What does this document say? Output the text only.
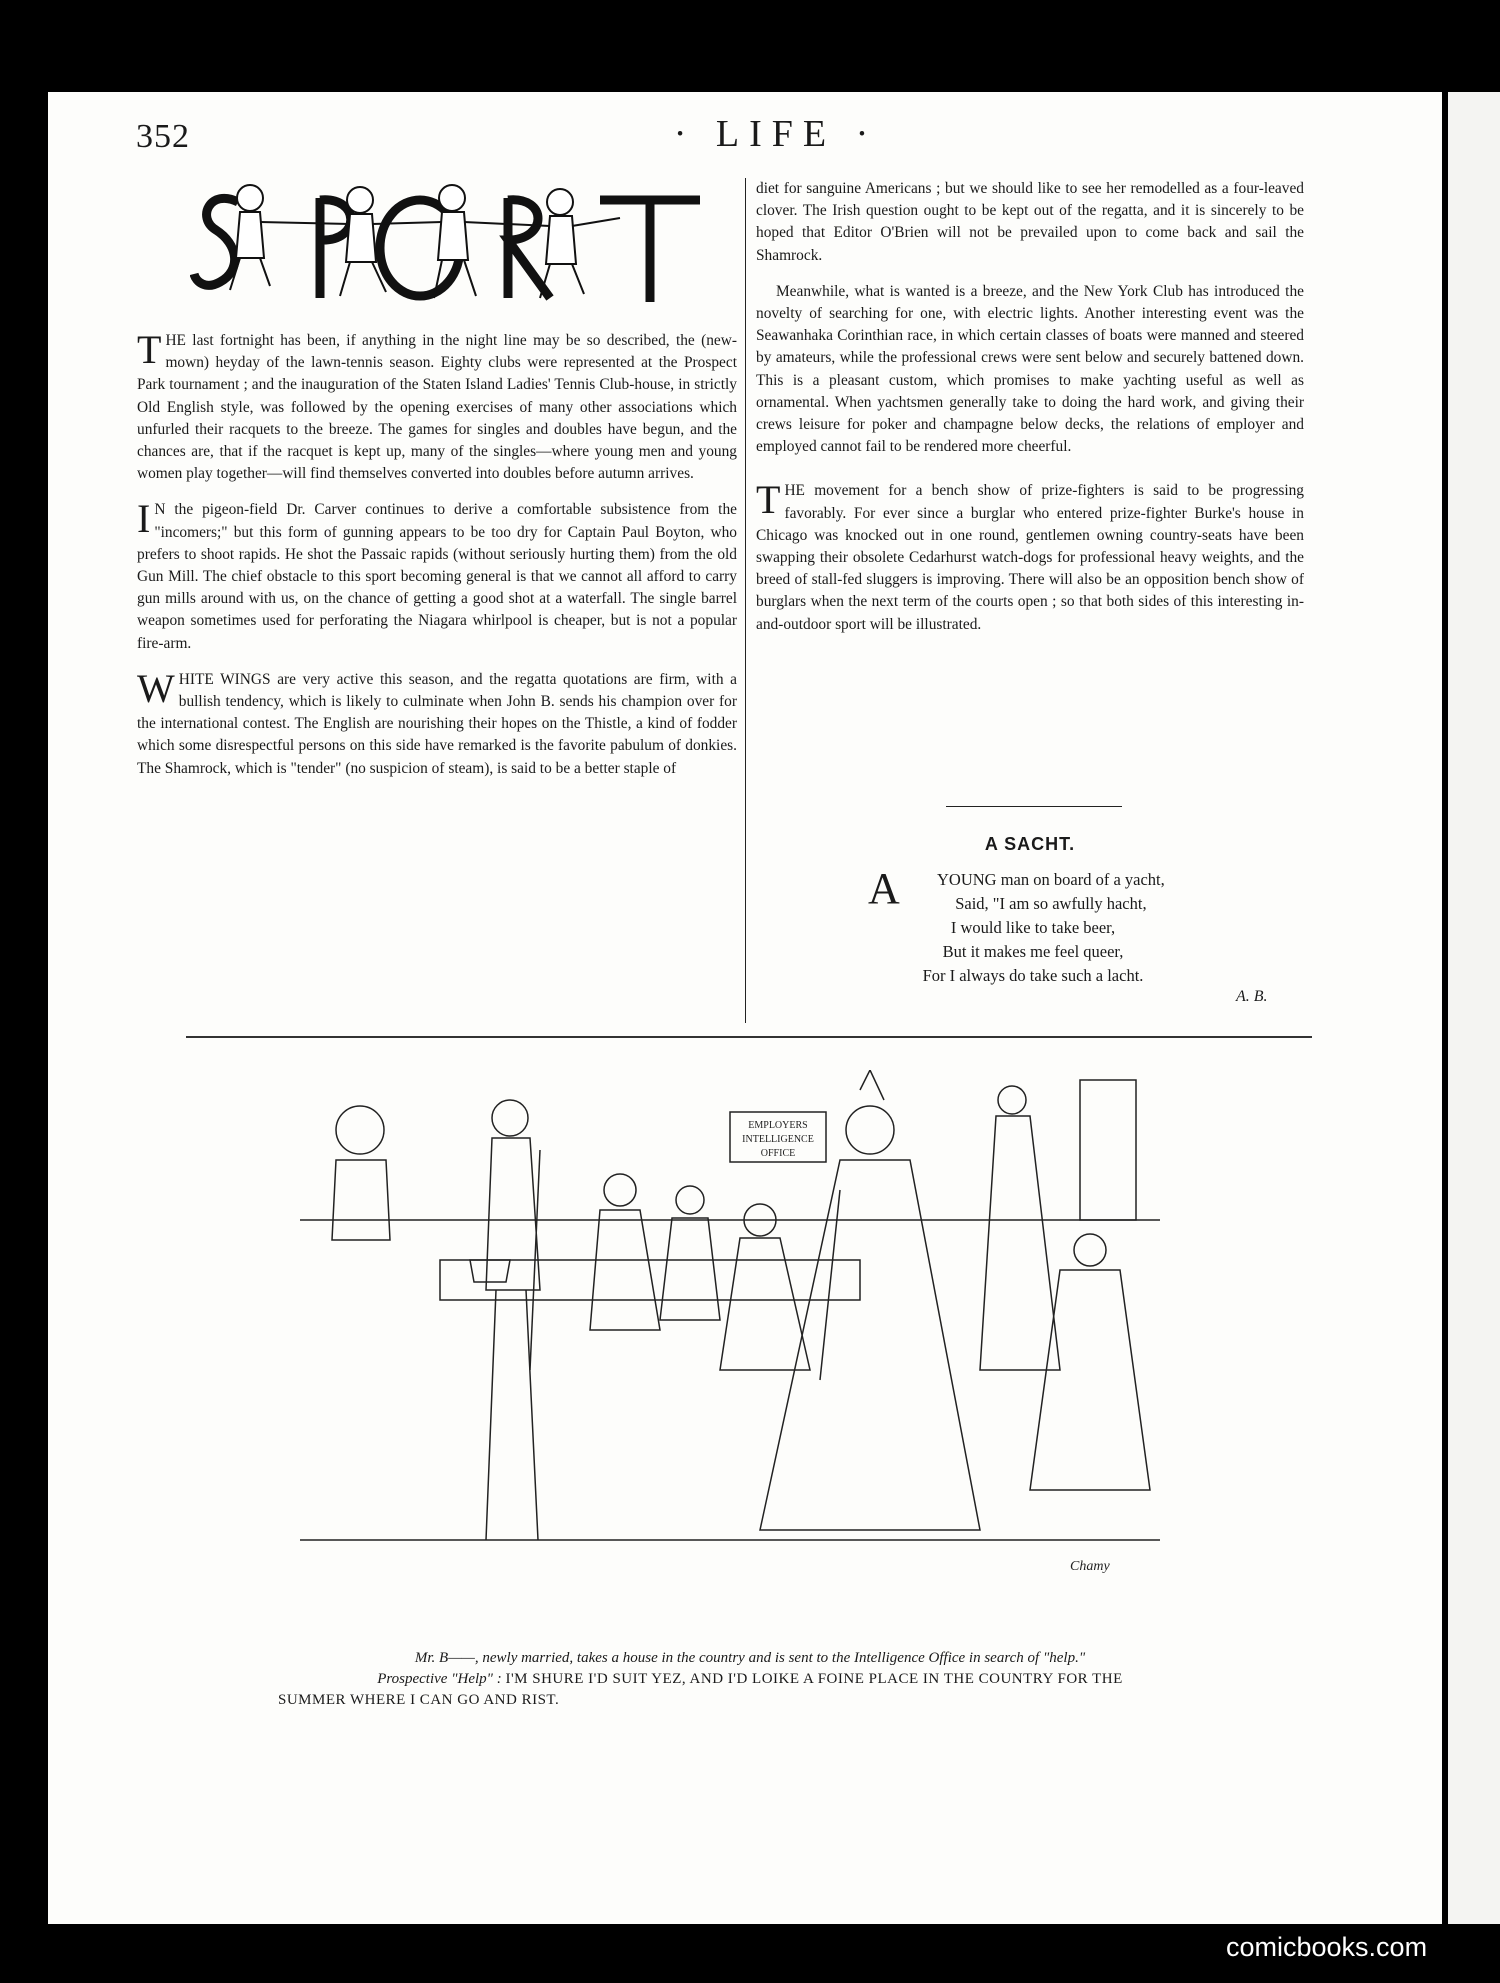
352	· LIFE ·

THE last fortnight has been, if anything in the night line may be so described, the (new-mown) heyday of the lawn-tennis season. Eighty clubs were represented at the Prospect Park tournament ; and the inauguration of the Staten Island Ladies' Tennis Club-house, in strictly Old English style, was followed by the opening exercises of many other associations which unfurled their racquets to the breeze. The games for singles and doubles have begun, and the chances are, that if the racquet is kept up, many of the singles—where young men and young women play together—will find themselves converted into doubles before autumn arrives.

I N the pigeon-field Dr. Carver continues to derive a comfortable subsistence from the "incomers;" but this form of gunning appears to be too dry for Captain Paul Boyton, who prefers to shoot rapids. He shot the Passaic rapids (without seriously hurting them) from the old Gun Mill. The chief obstacle to this sport becoming general is that we cannot all afford to carry gun mills around with us, on the chance of getting a good shot at a waterfall. The single barrel weapon sometimes used for perforating the Niagara whirlpool is cheaper, but is not a popular fire-arm.

WHITE WINGS are very active this season, and the regatta quotations are firm, with a bullish tendency, which is likely to culminate when John B. sends his champion over for the international contest. The English are nourishing their hopes on the Thistle, a kind of fodder which some disrespectful persons on this side have remarked is the favorite pabulum of donkies. The Shamrock, which is "tender" (no suspicion of steam), is said to be a better staple of

diet for sanguine Americans ; but we should like to see her remodelled as a four-leaved clover. The Irish question ought to be kept out of the regatta, and it is sincerely to be hoped that Editor O'Brien will not be prevailed upon to come back and sail the Shamrock.

Meanwhile, what is wanted is a breeze, and the New York Club has introduced the novelty of searching for one, with electric lights. Another interesting event was the Seawanhaka Corinthian race, in which certain classes of boats were manned and steered by amateurs, while the professional crews were sent below and securely battened down. This is a pleasant custom, which promises to make yachting useful as well as ornamental. When yachtsmen generally take to doing the hard work, and giving their crews leisure for poker and champagne below decks, the relations of employer and employed cannot fail to be rendered more cheerful.

THE movement for a bench show of prize-fighters is said to be progressing favorably. For ever since a burglar who entered prize-fighter Burke's house in Chicago was knocked out in one round, gentlemen owning country-seats have been swapping their obsolete Cedarhurst watch-dogs for professional heavy weights, and the breed of stall-fed sluggers is improving. There will also be an opposition bench show of burglars when the next term of the courts open ; so that both sides of this interesting in-and-outdoor sport will be illustrated.

A SACHT.
A YOUNG man on board of a yacht,
Said, "I am so awfully hacht,
I would like to take beer,
But it makes me feel queer,
For I always do take such a lacht.
A. B.
EMPLOYERS
INTELLIGENCE
OFFICE
Chamy
Mr. B——, newly married, takes a house in the country and is sent to the Intelligence Office in search of "help."
Prospective "Help" : I'M SHURE I'D SUIT YEZ, AND I'D LOIKE A FOINE PLACE IN THE COUNTRY FOR THE
SUMMER WHERE I CAN GO AND RIST.
comicbooks.com
